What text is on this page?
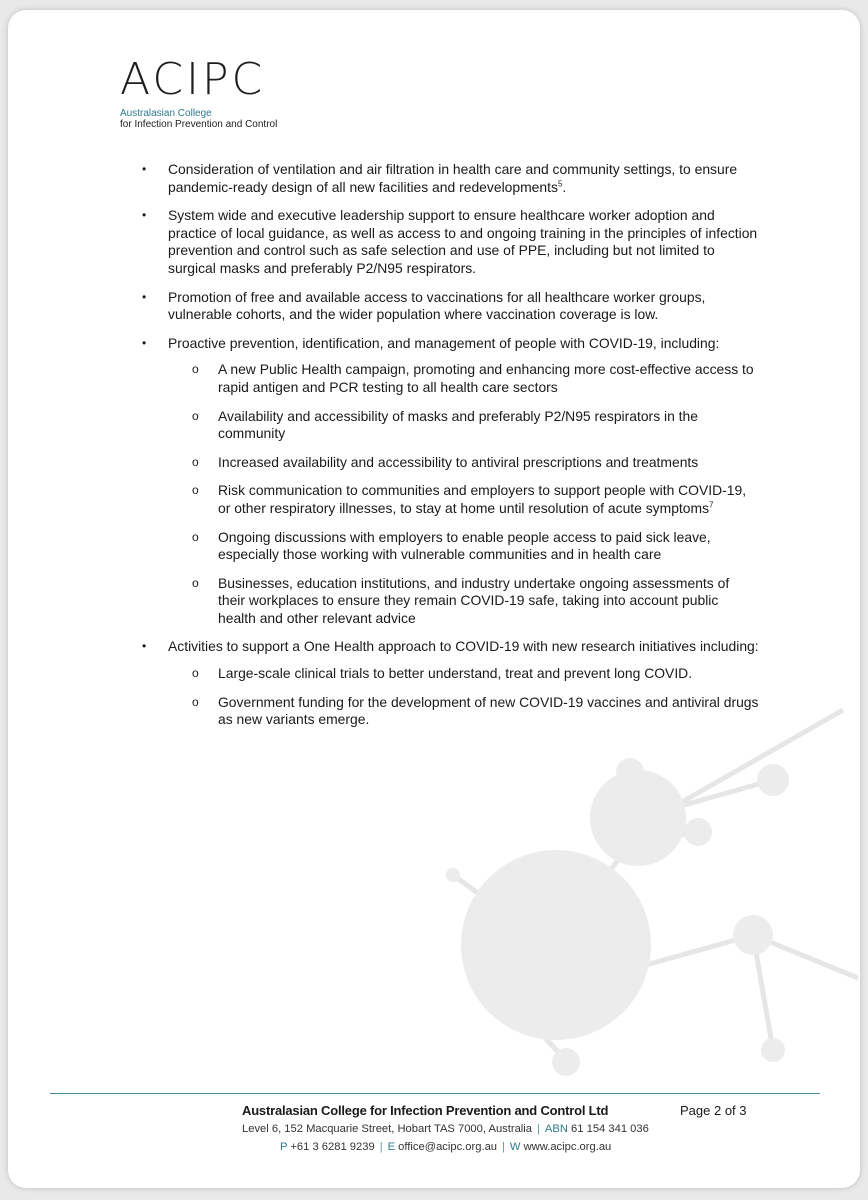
ACIPC
Australasian College
for Infection Prevention and Control
• Consideration of ventilation and air filtration in health care and community settings, to ensure pandemic-ready design of all new facilities and redevelopments$^5$.
• System wide and executive leadership support to ensure healthcare worker adoption and practice of local guidance, as well as access to and ongoing training in the principles of infection prevention and control such as safe selection and use of PPE, including but not limited to surgical masks and preferably P2/N95 respirators.
• Promotion of free and available access to vaccinations for all healthcare worker groups, vulnerable cohorts, and the wider population where vaccination coverage is low.
• Proactive prevention, identification, and management of people with COVID-19, including:
o A new Public Health campaign, promoting and enhancing more cost-effective access to rapid antigen and PCR testing to all health care sectors
o Availability and accessibility of masks and preferably P2/N95 respirators in the community
o Increased availability and accessibility to antiviral prescriptions and treatments
o Risk communication to communities and employers to support people with COVID-19, or other respiratory illnesses, to stay at home until resolution of acute symptoms$^7$
o Ongoing discussions with employers to enable people access to paid sick leave, especially those working with vulnerable communities and in health care
o Businesses, education institutions, and industry undertake ongoing assessments of their workplaces to ensure they remain COVID-19 safe, taking into account public health and other relevant advice
• Activities to support a One Health approach to COVID-19 with new research initiatives including:
o Large-scale clinical trials to better understand, treat and prevent long COVID.
o Government funding for the development of new COVID-19 vaccines and antiviral drugs as new variants emerge.
Australasian College for Infection Prevention and Control Ltd	Page 2 of 3
Level 6, 152 Macquarie Street, Hobart TAS 7000, Australia | ABN 61 154 341 036
P +61 3 6281 9239 | E office@acipc.org.au | W www.acipc.org.au
